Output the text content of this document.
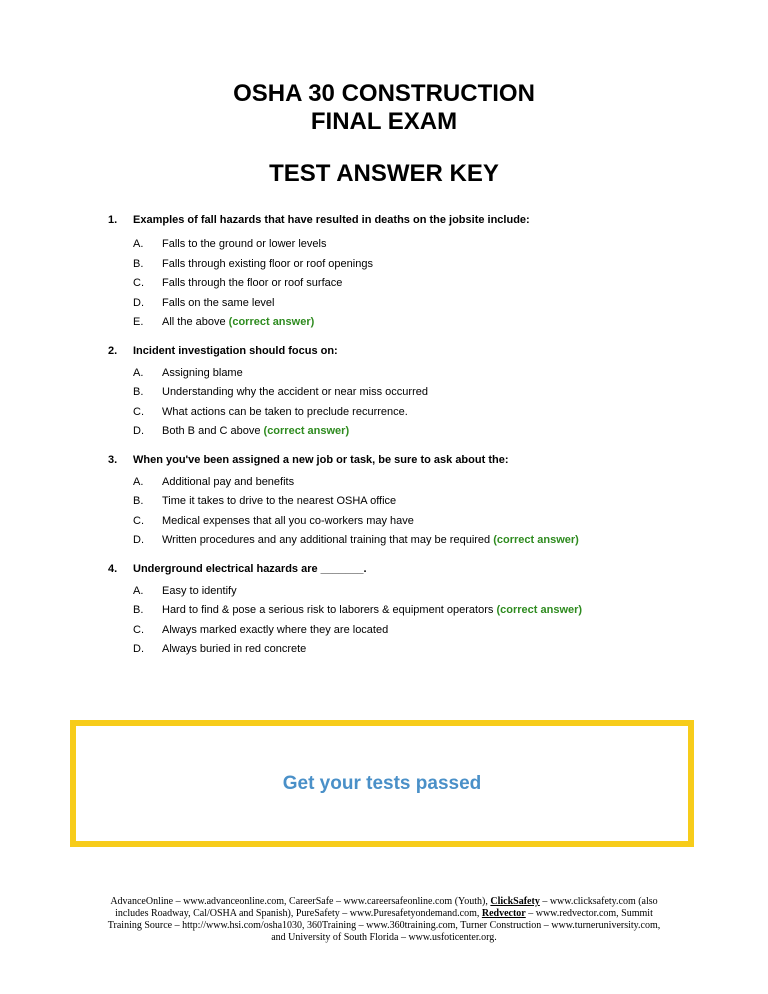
OSHA 30 CONSTRUCTION
FINAL EXAM
TEST ANSWER KEY
1. Examples of fall hazards that have resulted in deaths on the jobsite include:
A. Falls to the ground or lower levels
B. Falls through existing floor or roof openings
C. Falls through the floor or roof surface
D. Falls on the same level
E. All the above (correct answer)
2. Incident investigation should focus on:
A. Assigning blame
B. Understanding why the accident or near miss occurred
C. What actions can be taken to preclude recurrence.
D. Both B and C above (correct answer)
3. When you've been assigned a new job or task, be sure to ask about the:
A. Additional pay and benefits
B. Time it takes to drive to the nearest OSHA office
C. Medical expenses that all you co-workers may have
D. Written procedures and any additional training that may be required (correct answer)
4. Underground electrical hazards are _______.
A. Easy to identify
B. Hard to find & pose a serious risk to laborers & equipment operators (correct answer)
C. Always marked exactly where they are located
D. Always buried in red concrete
Get your tests passed
AdvanceOnline – www.advanceonline.com, CareerSafe – www.careersafeonline.com (Youth), ClickSafety – www.clicksafety.com (also includes Roadway, Cal/OSHA and Spanish), PureSafety – www.Puresafetyondemand.com, Redvector – www.redvector.com, Summit Training Source – http://www.hsi.com/osha1030, 360Training – www.360training.com, Turner Construction – www.turneruniversity.com, and University of South Florida – www.usfoticenter.org.
